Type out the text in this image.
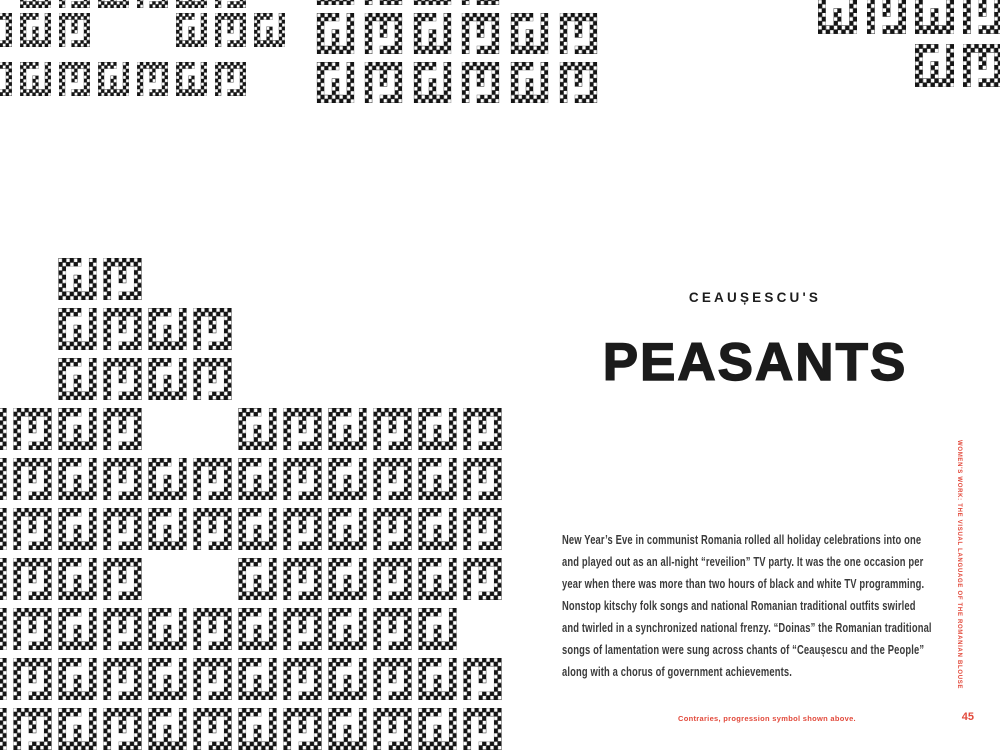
CEAUȘESCU'S
PEASANTS
New Year’s Eve in communist Romania rolled all holiday celebrations into one
and played out as an all-night “reveilion” TV party. It was the one occasion per
year when there was more than two hours of black and white TV programming.
Nonstop kitschy folk songs and national Romanian traditional outfits swirled
and twirled in a synchronized national frenzy. “Doinas” the Romanian traditional
songs of lamentation were sung across chants of “Ceaușescu and the People”
along with a chorus of government achievements.	WOMEN'S WORK: THE VISUAL LANGUAGE OF THE ROMANIAN BLOUSE
Contraries, progression symbol shown above.	45
